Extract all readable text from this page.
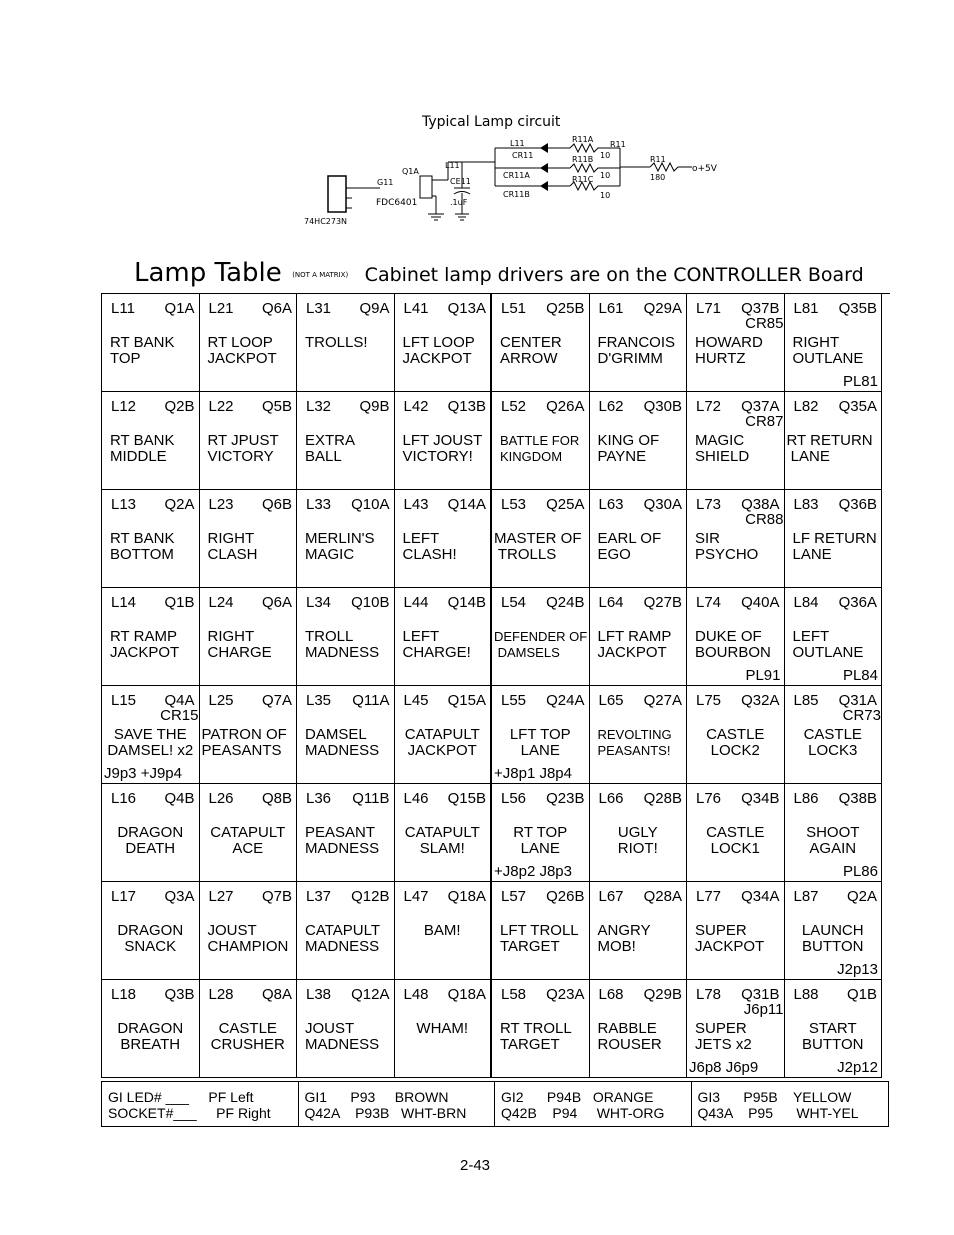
Typical Lamp circuit
74HC273N
FDC6401
G11
Q1A
L11
CE11
.1uF
L11
CR11
CR11A
CR11B
R11A
R11
R11B
R11C
10
10
10
R11
180
o+5V
Lamp Table $^{(NOT A MATRIX)}$ Cabinet lamp drivers are on the CONTROLLER Board
L11 Q1A
RT BANK
TOP
L21 Q6A
RT LOOP
JACKPOT
L31 Q9A
TROLLS!
L41 Q13A
LFT LOOP
JACKPOT
L51 Q25B
CENTER
ARROW
L61 Q29A
FRANCOIS
D'GRIMM
L71 Q37B
CR85
HOWARD
HURTZ
L81 Q35B
RIGHT
OUTLANE
PL81
L12 Q2B
RT BANK
MIDDLE
L22 Q5B
RT JPUST
VICTORY
L32 Q9B
EXTRA
BALL
L42 Q13B
LFT JOUST
VICTORY!
L52 Q26A
BATTLE FOR
KINGDOM
L62 Q30B
KING OF
PAYNE
L72 Q37A
CR87
MAGIC
SHIELD
L82 Q35A
RT RETURN
LANE
L13 Q2A
RT BANK
BOTTOM
L23 Q6B
RIGHT
CLASH
L33 Q10A
MERLIN'S
MAGIC
L43 Q14A
LEFT
CLASH!
L53 Q25A
MASTER OF
TROLLS
L63 Q30A
EARL OF
EGO
L73 Q38A
CR88
SIR
PSYCHO
L83 Q36B
LF RETURN
LANE
L14 Q1B
RT RAMP
JACKPOT
L24 Q6A
RIGHT
CHARGE
L34 Q10B
TROLL
MADNESS
L44 Q14B
LEFT
CHARGE!
L54 Q24B
DEFENDER OF
DAMSELS
L64 Q27B
LFT RAMP
JACKPOT
L74 Q40A
DUKE OF
BOURBON
PL91
L84 Q36A
LEFT
OUTLANE
PL84
L15 Q4A
CR15
SAVE THE
DAMSEL! x2
J9p3 +J9p4
L25 Q7A
PATRON OF
PEASANTS
L35 Q11A
DAMSEL
MADNESS
L45 Q15A
CATAPULT
JACKPOT
L55 Q24A
LFT TOP
LANE
+J8p1 J8p4
L65 Q27A
REVOLTING
PEASANTS!
L75 Q32A
CASTLE
LOCK2
L85 Q31A
CR73
CASTLE
LOCK3
L16 Q4B
DRAGON
DEATH
L26 Q8B
CATAPULT
ACE
L36 Q11B
PEASANT
MADNESS
L46 Q15B
CATAPULT
SLAM!
L56 Q23B
RT TOP
LANE
+J8p2 J8p3
L66 Q28B
UGLY
RIOT!
L76 Q34B
CASTLE
LOCK1
L86 Q38B
SHOOT
AGAIN
PL86
L17 Q3A
DRAGON
SNACK
L27 Q7B
JOUST
CHAMPION
L37 Q12B
CATAPULT
MADNESS
L47 Q18A
BAM!
L57 Q26B
LFT TROLL
TARGET
L67 Q28A
ANGRY
MOB!
L77 Q34A
SUPER
JACKPOT
L87 Q2A
LAUNCH
BUTTON
J2p13
L18 Q3B
DRAGON
BREATH
L28 Q8A
CASTLE
CRUSHER
L38 Q12A
JOUST
MADNESS
L48 Q18A
WHAM!
L58 Q23A
RT TROLL
TARGET
L68 Q29B
RABBLE
ROUSER
L78 Q31B
J6p11
SUPER
JETS x2
J6p8 J6p9
L88 Q1B
START
BUTTON
J2p12
GI LED# ___     PF Left
SOCKET#___     PF Right
GI1      P93     BROWN
Q42A    P93B   WHT-BRN
GI2      P94B   ORANGE
Q42B    P94     WHT-ORG
GI3      P95B    YELLOW
Q43A    P95      WHT-YEL
2-43
